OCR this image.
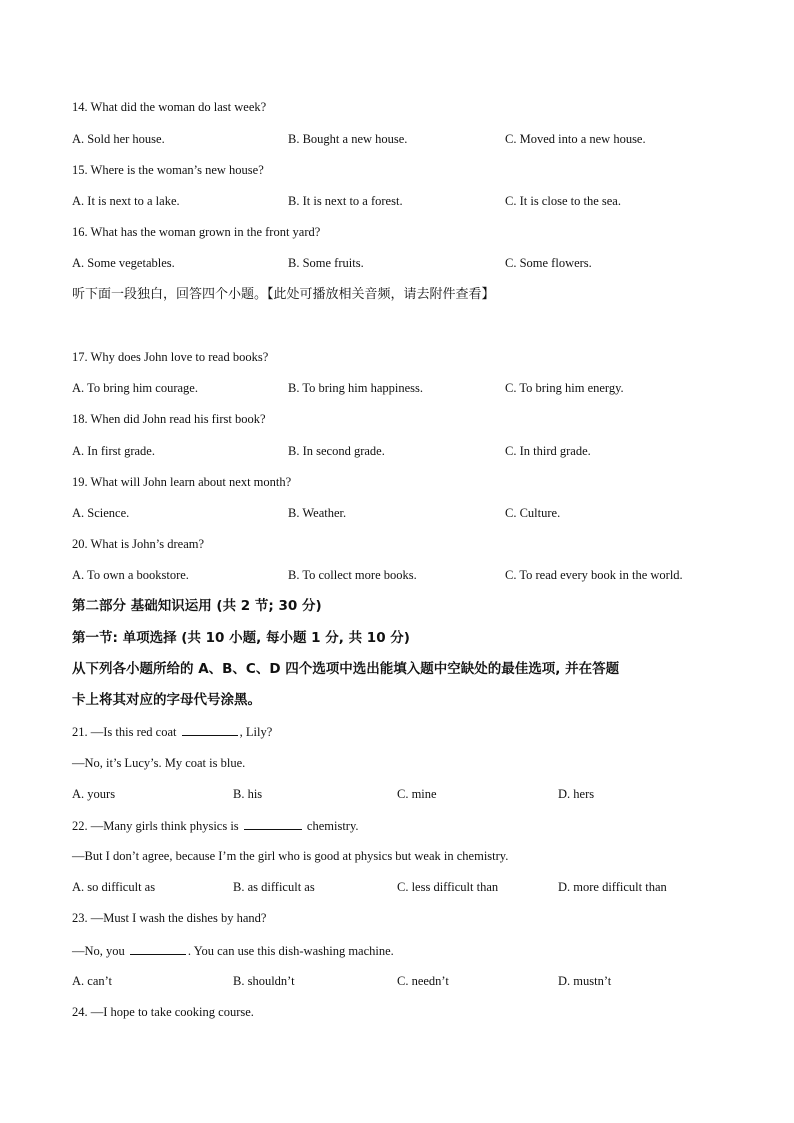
14. What did the woman do last week?
A. Sold her house.	B. Bought a new house.	C. Moved into a new house.
15. Where is the woman’s new house?
A. It is next to a lake.	B. It is next to a forest.	C. It is close to the sea.
16. What has the woman grown in the front yard?
A. Some vegetables.	B. Some fruits.	C. Some flowers.
听下面一段独白，回答四个小题。【此处可播放相关音频，请去附件查看】
17. Why does John love to read books?
A. To bring him courage.	B. To bring him happiness.	C. To bring him energy.
18. When did John read his first book?
A. In first grade.	B. In second grade.	C. In third grade.
19. What will John learn about next month?
A. Science.	B. Weather.	C. Culture.
20. What is John’s dream?
A. To own a bookstore.	B. To collect more books.	C. To read every book in the world.
第二部分 基础知识运用 (共 2 节; 30 分)
第一节: 单项选择 (共 10 小题, 每小题 1 分, 共 10 分)
从下列各小题所给的 A、B、C、D 四个选项中选出能填入题中空缺处的最佳选项, 并在答题
卡上将其对应的字母代号涂黑。
21. —Is this red coat	, Lily?
—No, it’s Lucy’s. My coat is blue.
A. yours	B. his	C. mine	D. hers
22. —Many girls think physics is	chemistry.
—But I don’t agree, because I’m the girl who is good at physics but weak in chemistry.
A. so difficult as	B. as difficult as	C. less difficult than	D. more difficult than
23. —Must I wash the dishes by hand?
—No, you	. You can use this dish-washing machine.
A. can’t	B. shouldn’t	C. needn’t	D. mustn’t
24. —I hope to take cooking course.
